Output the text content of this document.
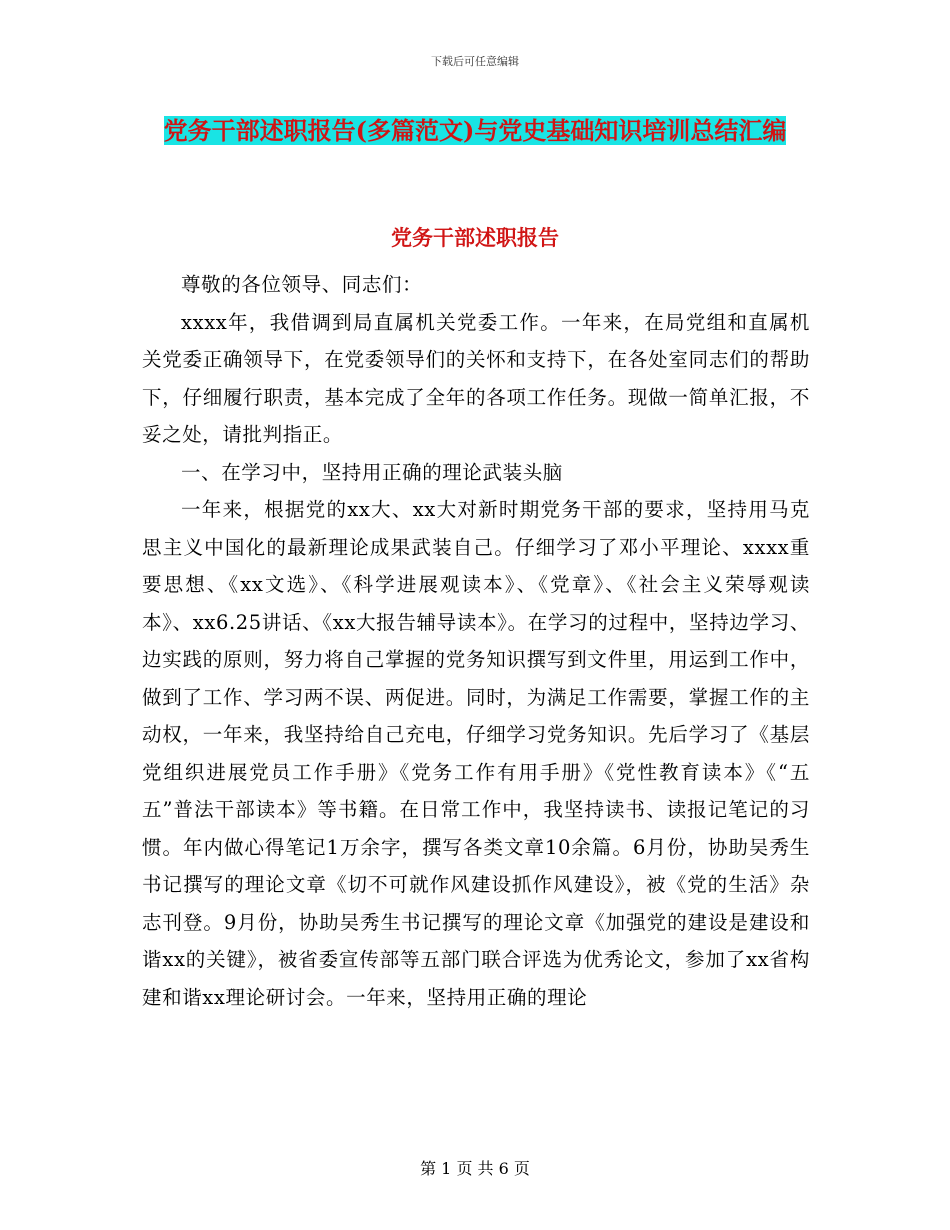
下载后可任意编辑
党务干部述职报告(多篇范文)与党史基础知识培训总结汇编
党务干部述职报告

尊敬的各位领导、同志们：

xxxx年，我借调到局直属机关党委工作。一年来，在局党组和直属机关党委正确领导下，在党委领导们的关怀和支持下，在各处室同志们的帮助下，仔细履行职责，基本完成了全年的各项工作任务。现做一简单汇报，不妥之处，请批判指正。

一、在学习中，坚持用正确的理论武装头脑

一年来，根据党的xx大、xx大对新时期党务干部的要求，坚持用马克思主义中国化的最新理论成果武装自己。仔细学习了邓小平理论、xxxx重要思想、《xx文选》、《科学进展观读本》、《党章》、《社会主义荣辱观读本》、xx6.25讲话、《xx大报告辅导读本》。在学习的过程中，坚持边学习、边实践的原则，努力将自己掌握的党务知识撰写到文件里，用运到工作中，做到了工作、学习两不误、两促进。同时，为满足工作需要，掌握工作的主动权，一年来，我坚持给自己充电，仔细学习党务知识。先后学习了《基层党组织进展党员工作手册》《党务工作有用手册》《党性教育读本》《“五五”普法干部读本》等书籍。在日常工作中，我坚持读书、读报记笔记的习惯。年内做心得笔记1万余字，撰写各类文章10余篇。6月份，协助吴秀生书记撰写的理论文章《切不可就作风建设抓作风建设》，被《党的生活》杂志刊登。9月份，协助吴秀生书记撰写的理论文章《加强党的建设是建设和谐xx的关键》，被省委宣传部等五部门联合评选为优秀论文，参加了xx省构建和谐xx理论研讨会。一年来，坚持用正确的理论

第 1 页 共 6 页
